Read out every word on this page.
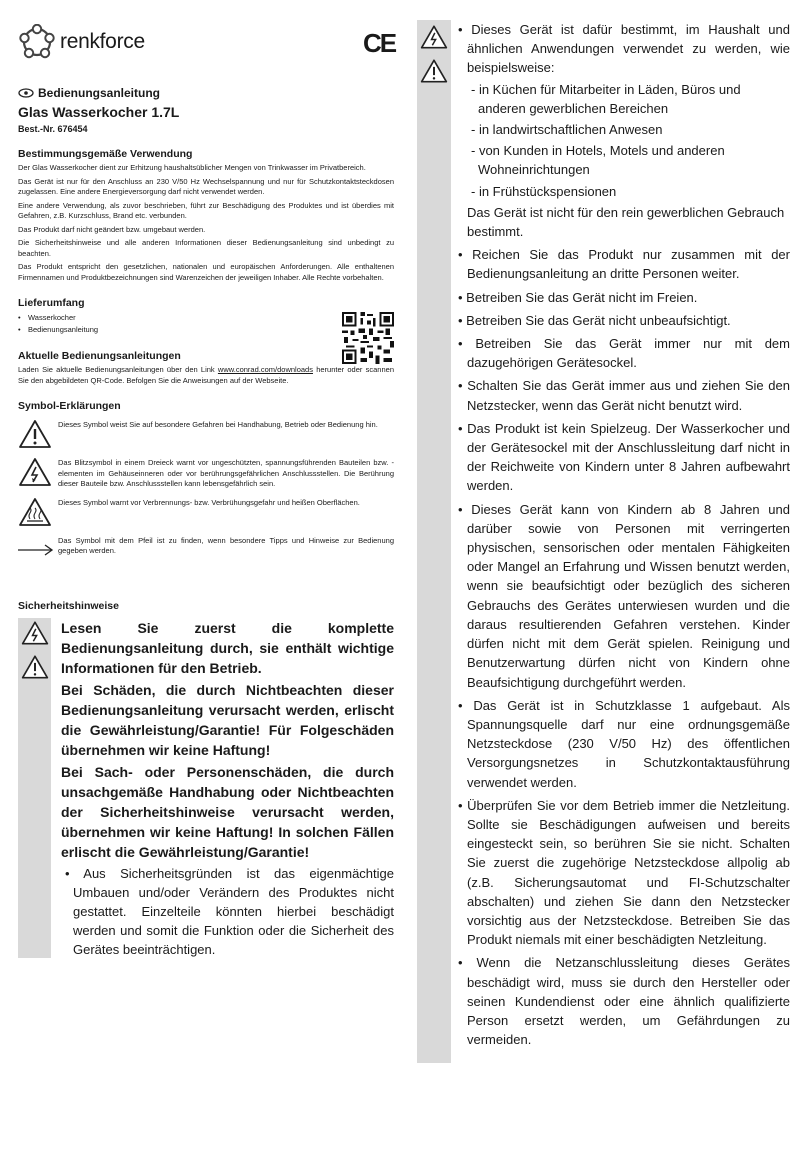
renkforce	CE
Bedienungsanleitung
Glas Wasserkocher 1.7L
Best.-Nr. 676454
Bestimmungsgemäße Verwendung

Der Glas Wasserkocher dient zur Erhitzung haushaltsüblicher Mengen von Trinkwasser im Privatbereich.

Das Gerät ist nur für den Anschluss an 230 V/50 Hz Wechselspannung und nur für Schutzkontaktsteckdosen zugelassen. Eine andere Energieversorgung darf nicht verwendet werden.

Eine andere Verwendung, als zuvor beschrieben, führt zur Beschädigung des Produktes und ist überdies mit Gefahren, z.B. Kurzschluss, Brand etc. verbunden.

Das Produkt darf nicht geändert bzw. umgebaut werden.

Die Sicherheitshinweise und alle anderen Informationen dieser Bedienungsanleitung sind unbedingt zu beachten.

Das Produkt entspricht den gesetzlichen, nationalen und europäischen Anforderungen. Alle enthaltenen Firmennamen und Produktbezeichnungen sind Warenzeichen der jeweiligen Inhaber. Alle Rechte vorbehalten.

Lieferumfang
• Wasserkocher
• Bedienungsanleitung
Aktuelle Bedienungsanleitungen

Laden Sie aktuelle Bedienungsanleitungen über den Link www.conrad.com/downloads herunter oder scannen Sie den abgebildeten QR-Code. Befolgen Sie die Anweisungen auf der Webseite.

Symbol-Erklärungen
Dieses Symbol weist Sie auf besondere Gefahren bei Handhabung, Betrieb oder Bedienung hin.
Das Blitzsymbol in einem Dreieck warnt vor ungeschützten, spannungsführenden Bauteilen bzw. -elementen im Gehäuseinneren oder vor berührungsgefährlichen Anschlussstellen. Die Berührung dieser Bauteile bzw. Anschlussstellen kann lebensgefährlich sein.
Dieses Symbol warnt vor Verbrennungs- bzw. Verbrühungsgefahr und heißen Oberflächen.
Das Symbol mit dem Pfeil ist zu finden, wenn besondere Tipps und Hinweise zur Bedienung gegeben werden.
Sicherheitshinweise

Lesen Sie zuerst die komplette Bedienungsanleitung durch, sie enthält wichtige Informationen für den Betrieb.

Bei Schäden, die durch Nichtbeachten dieser Bedienungsanleitung verursacht werden, erlischt die Gewährleistung/Garantie! Für Folgeschäden übernehmen wir keine Haftung!

Bei Sach- oder Personenschäden, die durch unsachgemäße Handhabung oder Nichtbeachten der Sicherheitshinweise verursacht werden, übernehmen wir keine Haftung! In solchen Fällen erlischt die Gewährleistung/Garantie!

• Aus Sicherheitsgründen ist das eigenmächtige Umbauen und/oder Verändern des Produktes nicht gestattet. Einzelteile könnten hierbei beschädigt werden und somit die Funktion oder die Sicherheit des Gerätes beeinträchtigen.

• Dieses Gerät ist dafür bestimmt, im Haushalt und ähnlichen Anwendungen verwendet zu werden, wie beispielsweise:

- in Küchen für Mitarbeiter in Läden, Büros und anderen gewerblichen Bereichen

- in landwirtschaftlichen Anwesen

- von Kunden in Hotels, Motels und anderen Wohneinrichtungen

- in Frühstückspensionen

Das Gerät ist nicht für den rein gewerblichen Gebrauch bestimmt.

• Reichen Sie das Produkt nur zusammen mit der Bedienungsanleitung an dritte Personen weiter.

• Betreiben Sie das Gerät nicht im Freien.

• Betreiben Sie das Gerät nicht unbeaufsichtigt.

• Betreiben Sie das Gerät immer nur mit dem dazugehörigen Gerätesockel.

• Schalten Sie das Gerät immer aus und ziehen Sie den Netzstecker, wenn das Gerät nicht benutzt wird.

• Das Produkt ist kein Spielzeug. Der Wasserkocher und der Gerätesockel mit der Anschlussleitung darf nicht in der Reichweite von Kindern unter 8 Jahren aufbewahrt werden.

• Dieses Gerät kann von Kindern ab 8 Jahren und darüber sowie von Personen mit verringerten physischen, sensorischen oder mentalen Fähigkeiten oder Mangel an Erfahrung und Wissen benutzt werden, wenn sie beaufsichtigt oder bezüglich des sicheren Gebrauchs des Gerätes unterwiesen wurden und die daraus resultierenden Gefahren verstehen. Kinder dürfen nicht mit dem Gerät spielen. Reinigung und Benutzerwartung dürfen nicht von Kindern ohne Beaufsichtigung durchgeführt werden.

• Das Gerät ist in Schutzklasse 1 aufgebaut. Als Spannungsquelle darf nur eine ordnungsgemäße Netzsteckdose (230 V/50 Hz) des öffentlichen Versorgungsnetzes in Schutzkontaktausführung verwendet werden.

• Überprüfen Sie vor dem Betrieb immer die Netzleitung. Sollte sie Beschädigungen aufweisen und bereits eingesteckt sein, so berühren Sie sie nicht. Schalten Sie zuerst die zugehörige Netzsteckdose allpolig ab (z.B. Sicherungsautomat und FI-Schutzschalter abschalten) und ziehen Sie dann den Netzstecker vorsichtig aus der Netzsteckdose. Betreiben Sie das Produkt niemals mit einer beschädigten Netzleitung.

• Wenn die Netzanschlussleitung dieses Gerätes beschädigt wird, muss sie durch den Hersteller oder seinen Kundendienst oder eine ähnlich qualifizierte Person ersetzt werden, um Gefährdungen zu vermeiden.
